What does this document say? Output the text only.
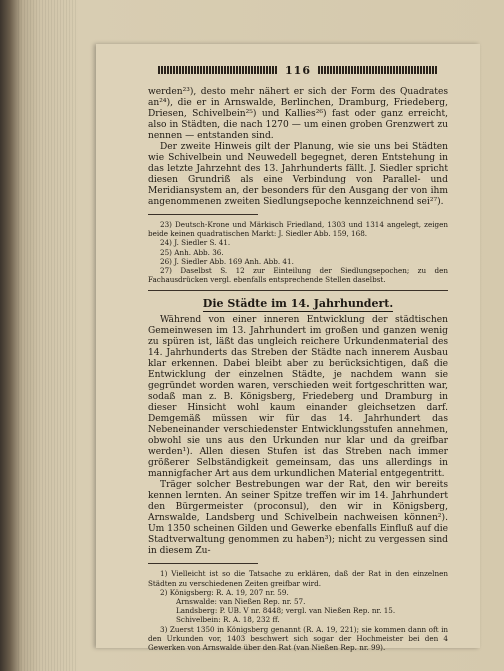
116

werden²³), desto mehr nähert er sich der Form des Quadrates an²⁴), die er in Arnswalde, Berlinchen, Dramburg, Friedeberg, Driesen, Schivelbein²⁵) und Kallies²⁶) fast oder ganz erreicht, also in Städten, die nach 1270 — um einen groben Grenzwert zu nennen — entstanden sind.

Der zweite Hinweis gilt der Planung, wie sie uns bei Städten wie Schivelbein und Neuwedell begegnet, deren Entstehung in das letzte Jahrzehnt des 13. Jahrhunderts fällt. J. Siedler spricht diesen Grundriß als eine Verbindung von Parallel- und Meridiansystem an, der besonders für den Ausgang der von ihm angenommenen zweiten Siedlungsepoche kennzeichnend sei²⁷).

23) Deutsch-Krone und Märkisch Friedland, 1303 und 1314 angelegt, zeigen beide keinen quadratischen Markt: J. Siedler Abb. 159, 168.

24) J. Siedler S. 41.

25) Anh. Abb. 36.

26) J. Siedler Abb. 169 Anh. Abb. 41.

27) Daselbst S. 12 zur Einteilung der Siedlungsepochen; zu den Fachausdrücken vergl. ebenfalls entsprechende Stellen daselbst.

Die Städte im 14. Jahrhundert.

Während von einer inneren Entwicklung der städtischen Gemeinwesen im 13. Jahrhundert im großen und ganzen wenig zu spüren ist, läßt das ungleich reichere Urkundenmaterial des 14. Jahrhunderts das Streben der Städte nach innerem Ausbau klar erkennen. Dabei bleibt aber zu berücksichtigen, daß die Entwicklung der einzelnen Städte, je nachdem wann sie gegründet worden waren, verschieden weit fortgeschritten war, sodaß man z. B. Königsberg, Friedeberg und Dramburg in dieser Hinsicht wohl kaum einander gleichsetzen darf. Demgemäß müssen wir für das 14. Jahrhundert das Nebeneinander verschiedenster Entwicklungsstufen annehmen, obwohl sie uns aus den Urkunden nur klar und da greifbar werden¹). Allen diesen Stufen ist das Streben nach immer größerer Selbständigkeit gemeinsam, das uns allerdings in mannigfacher Art aus dem urkundlichen Material entgegentritt.

Träger solcher Bestrebungen war der Rat, den wir bereits kennen lernten. An seiner Spitze treffen wir im 14. Jahrhundert den Bürgermeister (proconsul), den wir in Königsberg, Arnswalde, Landsberg und Schivelbein nachweisen können²). Um 1350 scheinen Gilden und Gewerke ebenfalls Einfluß auf die Stadtverwaltung genommen zu haben³); nicht zu vergessen sind in diesem Zu-

1) Vielleicht ist so die Tatsache zu erklären, daß der Rat in den einzelnen Städten zu verschiedenen Zeiten greifbar wird.

2) Königsberg: R. A. 19, 207 nr. 59.

Arnswalde: van Nießen Rep. nr. 57.

Landsberg: P. UB. V nr. 8448; vergl. van Nießen Rep. nr. 15.

Schivelbein: R. A. 18, 232 ff.

3) Zuerst 1350 in Königsberg genannt (R. A. 19, 221); sie kommen dann oft in den Urkunden vor, 1403 beschwert sich sogar der Hochmeister bei den 4 Gewerken von Arnswalde über den Rat (van Nießen Rep. nr. 99).
